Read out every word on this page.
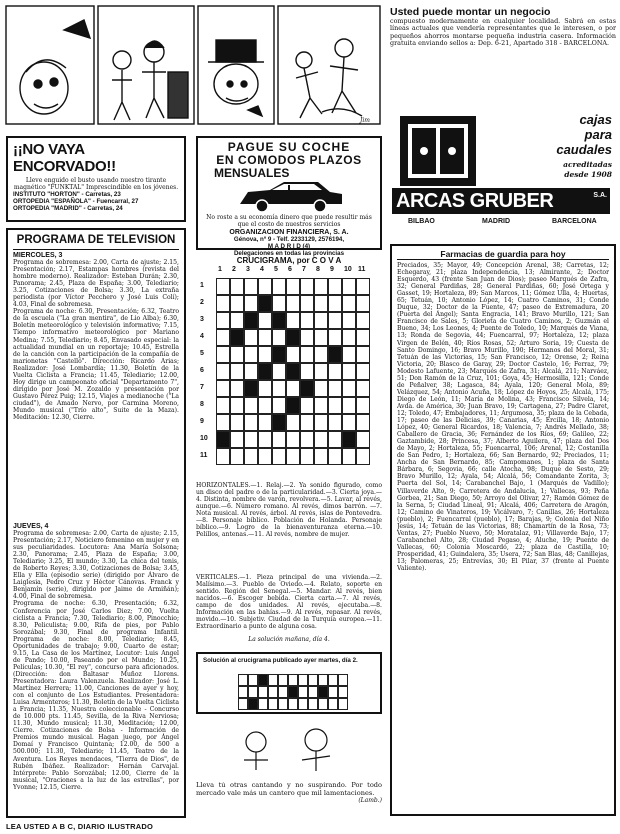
Jim
¡¡NO VAYA ENCORVADO!!
Lleve enguido el busto usando nuestro tirante magnético "FUNKTAL" Imprescindible en los jóvenes.
INSTITUTO "HORTON" - Carretas, 23
ORTOPEDIA "ESPAÑOLA" - Fuencarral, 27
ORTOPEDIA "MADRID" - Carretas, 24
PROGRAMA DE TELEVISION
MIERCOLES, 3
Programa de sobremesa: 2.00, Carta de ajuste; 2.15, Presentación; 2.17, Estampas hombres (revista del hombre moderno). Realizador: Esteban Durán; 2.30, Panorama; 2.45, Plaza de España; 3.00, Telediario; 3.25, Cotizaciones de Bolsa; 3.30, La extraña periodista (por Víctor Pecchero y José Luis Colí); 4.03, Final de sobremesa.
Programa de noche: 6.30, Presentación; 6.32, Teatro de la escuela ("La gran mentira", de Lio Alba); 6.30, Boletín meteorológico y televisión informativo; 7.15, Tiempo informativo meteorológico por Mariano Medina; 7.55, Telediario; 8.45, Envasado especial: la actualidad mundial en un reportaje; 10.45, Estrella de la canción con la participación de la compañía de marionetas "Castelló". Dirección: Ricardo Arias; Realizador: José Lombardía; 11.30, Boletín de la Vuelta Ciclista a Francia; 11.45, Telediario; 12.00, Hoy dirige un campeonato oficial "Departamento 7", dirigido por José M. Zozaldo y presentación por Gustavo Pérez Puig; 12.15, Viajes a medianoche ("La ciudad"), de Amado Nervo, por Carmina Moreno, Mundo musical ("Trío alto", Suite de la Maza). Meditación: 12.30, Cierre.
JUEVES, 4
Programa de sobremesa: 2.00, Carta de ajuste; 2.15, Presentación; 2.17, Noticiero femenino en mujer y en sus peculiaridades. Locutora: Ana María Solsona; 2.30, Panorama; 2.45, Plaza de España; 3.00, Telediario; 3.25, El mundo; 3.30, La chica del tenis, de Roberto Reyes; 3.30, Cotizaciones de Bolsa; 3.45, Ella y Ella (episodio serie) (dirigido por Álvaro de Laiglesia, Pedro Cruz y Héctor Cánovas. Franck y Benjamín (serie), dirigido por Jaime de Armiñán); 4.00, Final de sobremesa.
Programa de noche: 6.30, Presentación; 6.32, Conferencia por José Carlos Diez; 7.00, Vuelta ciclista a Francia; 7.30, Telediario; 8.00, Pinocchio; 8.30, Peliculista; 9.00, Rifa de pies, por Pablo Sorozábal; 9.30, Final de programa Infantil. Programa de noche: 8.00, Telediario; 8.45, Oportunidades de trabajo; 9.00, Cuarto de estar; 9.15, La Casa de los Martínez, Locutor: Luis Angel de Pando; 10.00, Paseando por el Mundo; 10.25, Películas; 10.30, "El rey", concurso para aficionados. (Dirección: don Baltasar Muñoz Llorens. Presentadora: Laura Valenzuela. Realizador: José L. Martínez Herrera; 11.00, Canciones de ayer y hoy, con el conjunto de Los Estudiantes. Presentadora: Luisa Armenteros; 11.30, Boletín de la Vuelta Ciclista a Francia; 11.35, Nuestra coleccionable - Concurso de 10.000 pts. 11.45, Sevilla, de la Riva Nerviosa; 11.30, Mundo musical; 11.30, Meditación; 12.00, Cierre. Cotizaciones de Bolsa - Información de Premios mundo musical. Hagan juego, por Ángel Domaí y Francisco Quintana; 12.00, de 500 a 500.000; 11.30, Telediario; 11.45, Teatro de la Aventura. Los Reyes mendaces, "Tierra de Dios", de Rubén Ibáñez. Realizador: Hernán Carvajal. Intérprete: Pablo Sorozábal; 12.00, Cierre de la musical, "Oraciones a la luz de las estrellas", por Yvonne; 12.15, Cierre.
LEA USTED A B C, DIARIO ILUSTRADO
PAGUE SU COCHE
EN COMODOS PLAZOS
MENSUALES
No roste a su economía dinero que puede resultir más que el costo de nuestros servicios
ORGANIZACION FINANCIERA, S. A.
Génova, nº 9 - Telf. 2233129, 2576194,
M A D R I D (4)
Delegaciones en todas las provincias
CRUCIGRAMA, por C O V A
1 2 3 4 5 6 7 8 9 10 11
1
2
3
4
5
6
7
8
9
10
11
HORIZONTALES.—1. Relaj.—2. Ya sonido figurado, como un disco del padre o de la particularidad.—3. Cierta joya.—4. Distinta, nombre de varón, revolvera.—5. Lavar, al revés, aunque.—6. Número romano. Al revés, dimos barrón. —7. Nota musical. Al revés, árbol. Al revés, islas de Pontevedra.—8. Personaje bíblico. Población de Holanda. Personaje bíblico.—9. Logro de la bienaventuranza eterna.—10. Pelillos, antenas.—11. Al revés, nombre de mujer.
VERTICALES.—1. Pieza principal de una vivienda.—2. Malísimo.—3. Pueblo de Oviedo.—4. Relato, soporte en sentido. Región del Senegal.—5. Mandar. Al revés, bien nacidos.—6. Escoger bebida. Cierta carta.—7. Al revés, campo de dos unidades. Al revés, ejecutaba.—8. Información en las bahías.—9. Al revés, repasar. Al revés, movido.—10. Subjetiv. Ciudad de la Turquía europea.—11. Extraordinario a punto de alguna cosa.
La solución mañana, día 4.
Solución al crucigrama publicado ayer martes, día 2.
Lleva tú otras cantando y no suspirando. Por todo mercado vale más un cantero que mil lamentaciones.
(Lamb.)
Usted puede montar un negocio
compuesto modernamente en cualquier localidad. Sabrá en estas líneas actuales que vendería representantes que le interesen, o por pequeños ahorros montarse pequeña industria casera. Información gratuita enviando sellos a: Dep. 6-21, Apartado 318 - BARCELONA.
cajas
para
caudales
acreditadas
desde 1908
ARCAS GRUBER	S.A.
BILBAO	MADRID	BARCELONA
Farmacias de guardia para hoy
Preciados, 35; Mayor, 49; Concepción Arenal, 38; Carretas, 12; Echegaray, 21; plaza Independencia, 13; Almirante, 2; Doctor Esquerdo, 43 (frente San Juan de Dios); paseo Marqués de Zafra, 32; General Pardiñas, 28; General Pardiñas, 60; José Ortega y Gasset, 19; Hortaleza, 89; San Marcos, 11; Gómez Ulla, 4; Huertas, 65; Tetuán, 10; Antonio López, 14; Cuatro Caminos, 31; Conde Duque, 32; Doctor de la Fuente, 47; paseo de Extremadura, 20 (Puerta del Ángel); Santa Engracia, 141; Bravo Murillo, 121; San Francisco de Sales, 5; Glorieta de Cuatro Caminos, 2; Guzmán el Bueno, 34; Los Leones, 4; Puente de Toledo, 10; Marqués de Viana, 13; Ronda de Segovia, 44; Fuencarral, 97; Hortaleza, 12; plaza Virgen de Belén, 40; Ríos Rosas, 52; Arturo Soria, 19; Cuesta de Santo Domingo, 16; Bravo Murillo, 190; Hermanos del Moral, 31; Tetuán de las Victorias, 15; San Francisco, 12; Orense, 2; Reina Victoria, 20; Blasco de Garay, 29; Doctor Castelo, 16; Ferraz, 79; Modesto Lafuente, 23; Marqués de Zafra, 31; Alcalá, 211; Narváez, 51; Don Ramón de la Cruz, 101; Goya, 45; Hermosilla, 121; Conde de Peñalver, 38; Lagasca, 84; Ayala, 120; General Mola, 89; Velázquez, 54; Antonio Acuña, 18; López de Hoyos, 25; Alcalá, 175; Diego de León, 11; María de Molina, 43; Francisco Silvela, 14; Avda. de América, 30; Juan Bravo, 19; Cartagena, 27; Padre Claret, 12; Toledo, 47; Embajadores, 11; Argumosa, 35; plaza de la Cebada, 17; paseo de las Delicias, 39; Canarias, 45; Ercilla, 18; Antonio López, 40; General Ricardos, 18; Valencia, 7; Andrés Mellado, 38; Caballero de Gracia, 36; Fernández de los Ríos, 69; Galileo, 22; Gaztambide, 28; Princesa, 37; Alberto Aguilera, 47; plaza del Dos de Mayo, 2; Hortaleza, 55; Fuencarral, 106; Arenal, 12; Costanilla de San Pedro, 1; Hortaleza, 66; San Bernardo, 92; Preciados, 11; Ancha de San Bernardo, 85; Campomanes, 1; plaza de Santa Bárbara, 6; Segovia, 66; calle Atocha, 98; Duque de Sesto, 29; Bravo Murillo, 12; Ayala, 54; Alcalá, 56; Comandante Zorita, 3; Puerta del Sol, 14; Carabanchel Bajo, 1 (Marqués de Vadillo); Villaverde Alto, 9; Carretera de Andalucía, 1; Vallecas, 93; Peña Gorbea, 21; San Diego, 50; Arroyo del Olivar, 27; Ramón Gómez de la Serna, 5; Ciudad Lineal, 91; Alcalá, 406; Carretera de Aragón, 12; Camino de Vinateros, 19; Vicálvaro, 7; Canillas, 26; Hortaleza (pueblo), 2; Fuencarral (pueblo), 17; Barajas, 9; Colonia del Niño Jesús, 14; Tetuán de las Victorias, 88; Chamartín de la Rosa, 73; Ventas, 27; Pueblo Nuevo, 50; Moratalaz, 91; Villaverde Bajo, 17; Carabanchel Alto, 28; Ciudad Pegaso, 4; Aluche, 19; Puente de Vallecas, 60; Colonia Moscardó, 22; plaza de Castilla, 10; Prosperidad, 41; Guindalera, 35; Usera, 72; San Blas, 48; Canillejas, 13; Palomeras, 25; Entrevías, 30; El Pilar, 37 (frente al Puente Valiente).
